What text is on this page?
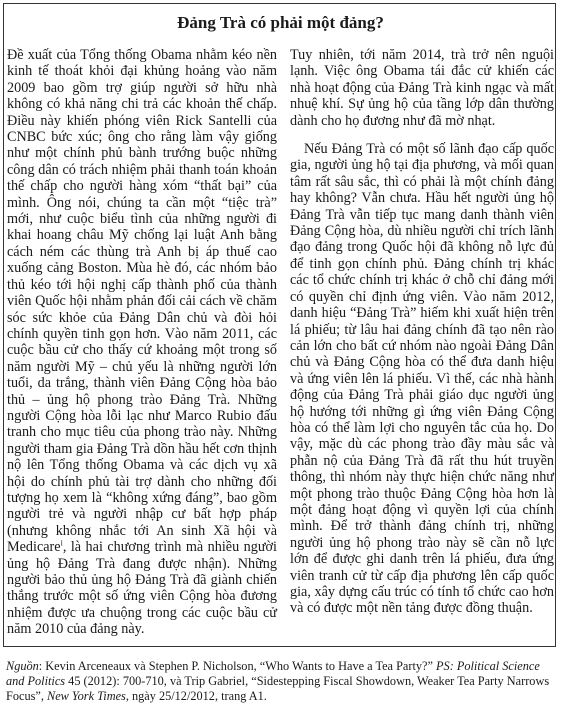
Đảng Trà có phải một đảng?

Đề xuất của Tổng thống Obama nhằm kéo nền kinh tế thoát khỏi đại khủng hoảng vào năm 2009 bao gồm trợ giúp người sở hữu nhà không có khả năng chi trả các khoản thế chấp. Điều này khiến phóng viên Rick Santelli của CNBC bức xúc; ông cho rằng làm vậy giống như một chính phủ bành trướng buộc những công dân có trách nhiệm phải thanh toán khoản thế chấp cho người hàng xóm “thất bại” của mình. Ông nói, chúng ta cần một “tiệc trà” mới, như cuộc biểu tình của những người đi khai hoang châu Mỹ chống lại luật Anh bằng cách ném các thùng trà Anh bị áp thuế cao xuống cảng Boston. Mùa hè đó, các nhóm bảo thủ kéo tới hội nghị cấp thành phố của thành viên Quốc hội nhằm phản đối cải cách về chăm sóc sức khỏe của Đảng Dân chủ và đòi hỏi chính quyền tinh gọn hơn. Vào năm 2011, các cuộc bầu cử cho thấy cứ khoảng một trong số năm người Mỹ – chủ yếu là những người lớn tuổi, da trắng, thành viên Đảng Cộng hòa bảo thủ – ủng hộ phong trào Đảng Trà. Những người Cộng hòa lỗi lạc như Marco Rubio đấu tranh cho mục tiêu của phong trào này. Những người tham gia Đảng Trà dồn hầu hết cơn thịnh nộ lên Tổng thống Obama và các dịch vụ xã hội do chính phủ tài trợ dành cho những đối tượng họ xem là “không xứng đáng”, bao gồm người trẻ và người nhập cư bất hợp pháp (nhưng không nhắc tới An sinh Xã hội và Medicare$^i$, là hai chương trình mà nhiều người ủng hộ Đảng Trà đang được nhận). Những người bảo thủ ủng hộ Đảng Trà đã giành chiến thắng trước một số ứng viên Cộng hòa đương nhiệm được ưa chuộng trong các cuộc bầu cử năm 2010 của đảng này.

Tuy nhiên, tới năm 2014, trà trở nên nguội lạnh. Việc ông Obama tái đắc cử khiến các nhà hoạt động của Đảng Trà kinh ngạc và mất nhuệ khí. Sự ủng hộ của tầng lớp dân thường dành cho họ đương như đã mờ nhạt.

Nếu Đảng Trà có một số lãnh đạo cấp quốc gia, người ủng hộ tại địa phương, và mối quan tâm rất sâu sắc, thì có phải là một chính đảng hay không? Vẫn chưa. Hầu hết người ủng hộ Đảng Trà vẫn tiếp tục mang danh thành viên Đảng Cộng hòa, dù nhiều người chỉ trích lãnh đạo đảng trong Quốc hội đã không nỗ lực đủ để tinh gọn chính phủ. Đảng chính trị khác các tổ chức chính trị khác ở chỗ chỉ đảng mới có quyền chỉ định ứng viên. Vào năm 2012, danh hiệu “Đảng Trà” hiếm khi xuất hiện trên lá phiếu; từ lâu hai đảng chính đã tạo nên rào cản lớn cho bất cứ nhóm nào ngoài Đảng Dân chủ và Đảng Cộng hòa có thể đưa danh hiệu và ứng viên lên lá phiếu. Vì thế, các nhà hành động của Đảng Trà phải giáo dục người ủng hộ hướng tới những gì ứng viên Đảng Cộng hòa có thể làm lợi cho nguyên tắc của họ. Do vậy, mặc dù các phong trào đầy màu sắc và phẫn nộ của Đảng Trà đã rất thu hút truyền thông, thì nhóm này thực hiện chức năng như một phong trào thuộc Đảng Cộng hòa hơn là một đảng hoạt động vì quyền lợi của chính mình. Để trở thành đảng chính trị, những người ủng hộ phong trào này sẽ cần nỗ lực lớn để được ghi danh trên lá phiếu, đưa ứng viên tranh cử từ cấp địa phương lên cấp quốc gia, xây dựng cấu trúc có tính tổ chức cao hơn và có được một nền tảng được đồng thuận.

Nguồn: Kevin Arceneaux và Stephen P. Nicholson, “Who Wants to Have a Tea Party?” PS: Political Science and Politics 45 (2012): 700-710, và Trip Gabriel, “Sidestepping Fiscal Showdown, Weaker Tea Party Narrows Focus”, New York Times, ngày 25/12/2012, trang A1.
